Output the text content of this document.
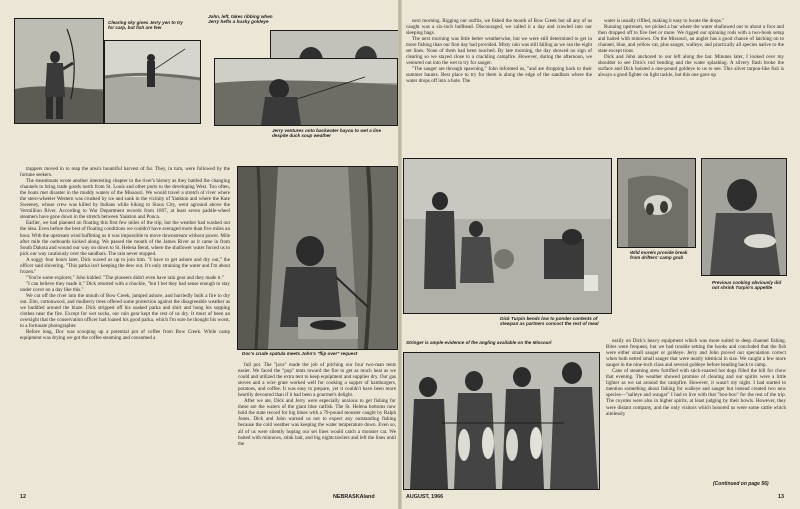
Clearing sky gives Jerry yen to try for carp, but fish are few

John, left, takes ribbing when Jerry hefts a husky goldeye

Jerry ventures onto backwater bayou to wet a line despite duck soup weather

Doc's crude spatula meets John's "flip over" request

trappers moved in to reap the area's bountiful harvest of fur. They, in turn, were followed by the fortune seekers.

The steamboats wrote another interesting chapter in the river's history as they battled the changing channels to bring trade goods north from St. Louis and other ports to the developing West. Too often, the boats met disaster in the muddy waters of the Missouri. We would travel a stretch of river where the stern-wheeler Western was crushed by ice and sunk in the vicinity of Yankton and where the Kate Sweeney, whose crew was killed by Indians while hiking to Sioux City, went aground above the Vermillion River. According to War Department records from 1897, at least seven paddle-wheel steamers have gone down in the stretch between Yankton and Ponca.

Earlier, we had planned on floating this first few miles of the trip, but the weather had washed out the idea. Even before the best of floating conditions we couldn't have averaged more than five miles an hour. With the upstream wind buffeting us it was impossible to move downstream without power. Mile after mile the outboards kicked along. We passed the mouth of the James River as it came in from South Dakota and wound our way on down to St. Helena Bend, where the shallower water forced us to pick our way cautiously over the sandbars. The rain never stopped.

A soggy four hours later, Dick waved us up to join him. "I have to get ashore and dry out," the officer said shivering. "This parka isn't keeping the dew out. It's only straining the water and I'm about frozen."

"You're some explorer," John kidded. "The pioneers didn't even have rain gear and they made it."

"I can believe they made it," Dick retorted with a chuckle, "but I bet they had sense enough to stay under cover on a day like this."

We cut off the river into the mouth of Bow Creek, jumped ashore, and hurriedly built a fire to dry out. Elm, cottonwood, and mulberry trees offered some protection against the disagreeable weather as we huddled around the blaze. Dick stripped off his soaked parka and shirt and hung his sopping clothes near the fire. Except for wet socks, our rain gear kept the rest of us dry. It must of been an oversight that the conservation officer had loaned his good parka, which I'm sure he thought his worst, to a fortunate photographer.

Before long, Doc was scooping up a potential pot of coffee from Bow Creek. While camp equipment was drying we got the coffee steaming and consumed a

full pot. The "java" made the job of pitching our four two-man tents easier. We faced the "pup" tents toward the fire to get as much heat as we could and utilized the extra tent to keep equipment and supplies dry. Our gas stoves and a wire grate worked well for cooking a supper of hamburgers, potatoes, and coffee. It was easy to prepare, yet it couldn't have been more heartily devoured than if it had been a gourmet's delight.

After we ate, Dick and Jerry were especially anxious to get fishing for these are the waters of the giant blue catfish. The St. Helena bottoms now hold the state record for big blues with a 79-pound monster caught by Ralph Jones. Dick and John warned us not to expect any outstanding fishing because the cold weather was keeping the water temperature down. Even so, all of us were silently hoping our set lines would catch a monster cat. We baited with minnows, stink bait, and big nightcrawlers and left the lines until the

12	NEBRASKAland

next morning. Rigging our outfits, we fished the mouth of Bow Creek but all any of us caught was a six-inch bullhead. Discouraged, we called it a day and crawled into our sleeping bags.

The next morning was little better weatherwise, but we were still determined to get in more fishing than our first day had provided. Misty rain was still falling as we ran the eight set lines. None of them had been touched. By late morning, the day showed no sign of clearing so we stayed close to a crackling campfire. However, during the afternoon, we ventured out into the wet to try for sauger.

"The sauger are through spawning," John informed us, "and are dropping back to their summer haunts. Best place to try for them is along the edge of the sandbars where the water drops off into a hole. The

water is usually riffled, making it easy to locate the drops."

Running upstream, we picked a bar where the water shallowed out to about a foot and then dropped off to five feet or more. We rigged our spinning rods with a two-hook setup and baited with minnows. On the Missouri, an angler has a good chance of latching on to channel, blue, and yellow cat, plus sauger, walleye, and practically all species native to the state except trout.

Dick and John anchored to our left along the bar. Minutes later, I looked over my shoulder to see Dick's rod bending and the water splashing. A silvery flash broke the surface and Dick hoisted a one-pound goldeye to us to see. This silver tarpon-like fish is always a good fighter on light tackle, but this one gave up

Dick Turpin bends low to ponder contents of stewpan as partners concoct the rest of meal

Wild morels provide break from drifters' camp grub

Previous cooking obviously did not shrink Turpin's appetite

Stringer is ample evidence of the angling available on the Missouri	easily on Dick's heavy equipment which was more suited to deep channel fishing. Bites were frequent, but we had trouble setting the hooks and concluded that the fish were either small sauger or goldeye. Jerry and John proved our speculation correct when both netted small sauger that were nearly identical in size. We caught a few more sauger in the nine-inch class and several goldeye before heading back to camp.

Cans of steaming stew fortified with stick-roasted hot dogs filled the bill for chow that evening. The weather showed promise of clearing and our spirits were a little lighter as we sat around the campfire. However, it wasn't my night. I had started to mention something about fishing for walleye and sauger but instead created two new species—"salleye and waugar" I had to live with that "boo-boo" for the rest of the trip. The coyotes were also in higher spirits, at least judging by their howls. However, they were distant company, and the only visitors which honored us were some cattle which aimlessly

(Continued on page 56)

AUGUST, 1966	13
